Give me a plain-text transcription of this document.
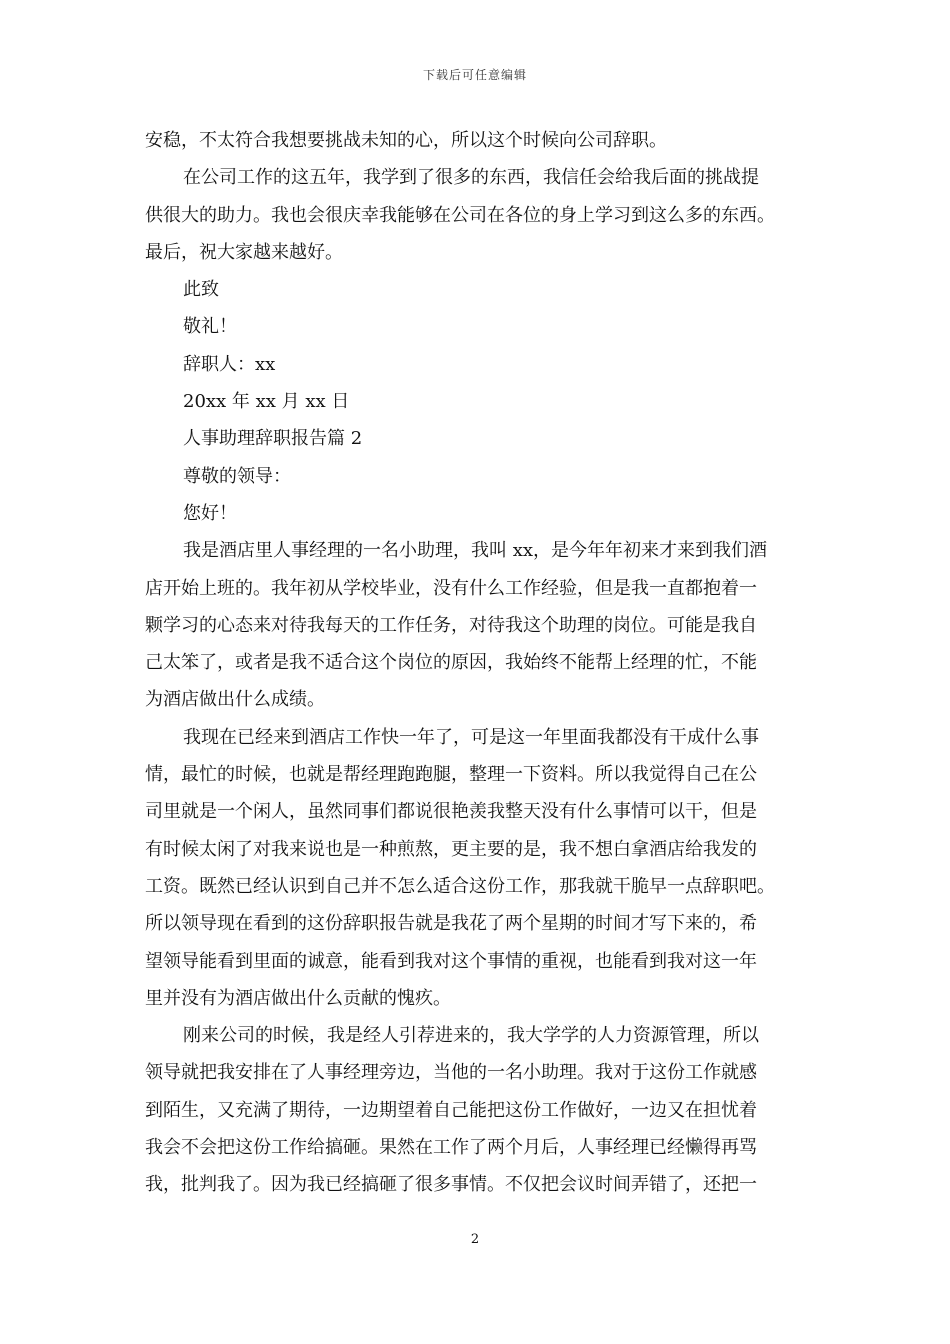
下载后可任意编辑
安稳，不太符合我想要挑战未知的心，所以这个时候向公司辞职。
在公司工作的这五年，我学到了很多的东西，我信任会给我后面的挑战提
供很大的助力。我也会很庆幸我能够在公司在各位的身上学习到这么多的东西。
最后，祝大家越来越好。
此致
敬礼！
辞职人：xx
20xx 年 xx 月 xx 日
人事助理辞职报告篇 2
尊敬的领导：
您好！
我是酒店里人事经理的一名小助理，我叫 xx，是今年年初来才来到我们酒
店开始上班的。我年初从学校毕业，没有什么工作经验，但是我一直都抱着一
颗学习的心态来对待我每天的工作任务，对待我这个助理的岗位。可能是我自
己太笨了，或者是我不适合这个岗位的原因，我始终不能帮上经理的忙，不能
为酒店做出什么成绩。
我现在已经来到酒店工作快一年了，可是这一年里面我都没有干成什么事
情，最忙的时候，也就是帮经理跑跑腿，整理一下资料。所以我觉得自己在公
司里就是一个闲人，虽然同事们都说很艳羡我整天没有什么事情可以干，但是
有时候太闲了对我来说也是一种煎熬，更主要的是，我不想白拿酒店给我发的
工资。既然已经认识到自己并不怎么适合这份工作，那我就干脆早一点辞职吧。
所以领导现在看到的这份辞职报告就是我花了两个星期的时间才写下来的，希
望领导能看到里面的诚意，能看到我对这个事情的重视，也能看到我对这一年
里并没有为酒店做出什么贡献的愧疚。
刚来公司的时候，我是经人引荐进来的，我大学学的人力资源管理，所以
领导就把我安排在了人事经理旁边，当他的一名小助理。我对于这份工作就感
到陌生，又充满了期待，一边期望着自己能把这份工作做好，一边又在担忧着
我会不会把这份工作给搞砸。果然在工作了两个月后，人事经理已经懒得再骂
我，批判我了。因为我已经搞砸了很多事情。不仅把会议时间弄错了，还把一
2
